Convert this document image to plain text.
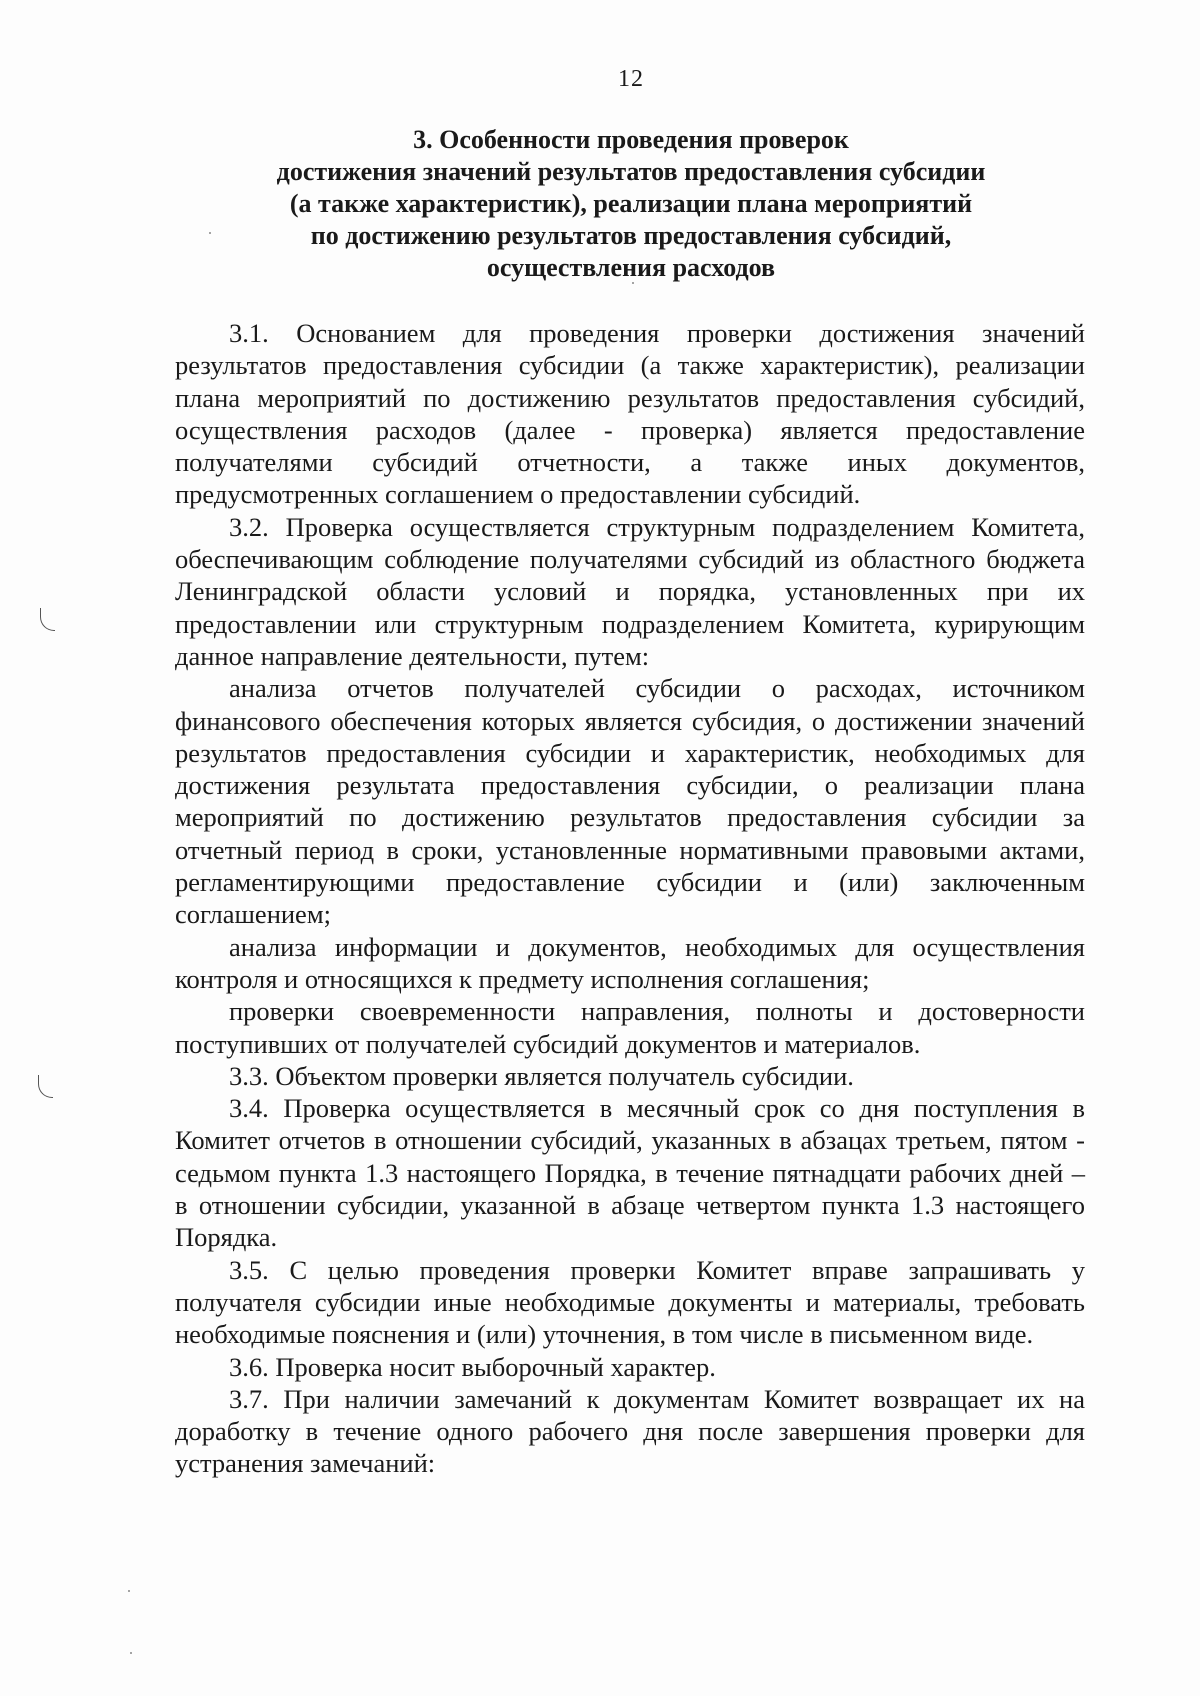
12
3. Особенности проведения проверок
достижения значений результатов предоставления субсидии
(а также характеристик), реализации плана мероприятий
по достижению результатов предоставления субсидий,
осуществления расходов

3.1. Основанием для проведения проверки достижения значений результатов предоставления субсидии (а также характеристик), реализации плана мероприятий по достижению результатов предоставления субсидий, осуществления расходов (далее - проверка) является предоставление получателями субсидий отчетности, а также иных документов, предусмотренных соглашением о предоставлении субсидий.

3.2. Проверка осуществляется структурным подразделением Комитета, обеспечивающим соблюдение получателями субсидий из областного бюджета Ленинградской области условий и порядка, установленных при их предоставлении или структурным подразделением Комитета, курирующим данное направление деятельности, путем:

анализа отчетов получателей субсидии о расходах, источником финансового обеспечения которых является субсидия, о достижении значений результатов предоставления субсидии и характеристик, необходимых для достижения результата предоставления субсидии, о реализации плана мероприятий по достижению результатов предоставления субсидии за отчетный период в сроки, установленные нормативными правовыми актами, регламентирующими предоставление субсидии и (или) заключенным соглашением;

анализа информации и документов, необходимых для осуществления контроля и относящихся к предмету исполнения соглашения;

проверки своевременности направления, полноты и достоверности поступивших от получателей субсидий документов и материалов.

3.3. Объектом проверки является получатель субсидии.

3.4. Проверка осуществляется в месячный срок со дня поступления в Комитет отчетов в отношении субсидий, указанных в абзацах третьем, пятом - седьмом пункта 1.3 настоящего Порядка, в течение пятнадцати рабочих дней – в отношении субсидии, указанной в абзаце четвертом пункта 1.3 настоящего Порядка.

3.5. С целью проведения проверки Комитет вправе запрашивать у получателя субсидии иные необходимые документы и материалы, требовать необходимые пояснения и (или) уточнения, в том числе в письменном виде.

3.6. Проверка носит выборочный характер.

3.7. При наличии замечаний к документам Комитет возвращает их на доработку в течение одного рабочего дня после завершения проверки для устранения замечаний:
